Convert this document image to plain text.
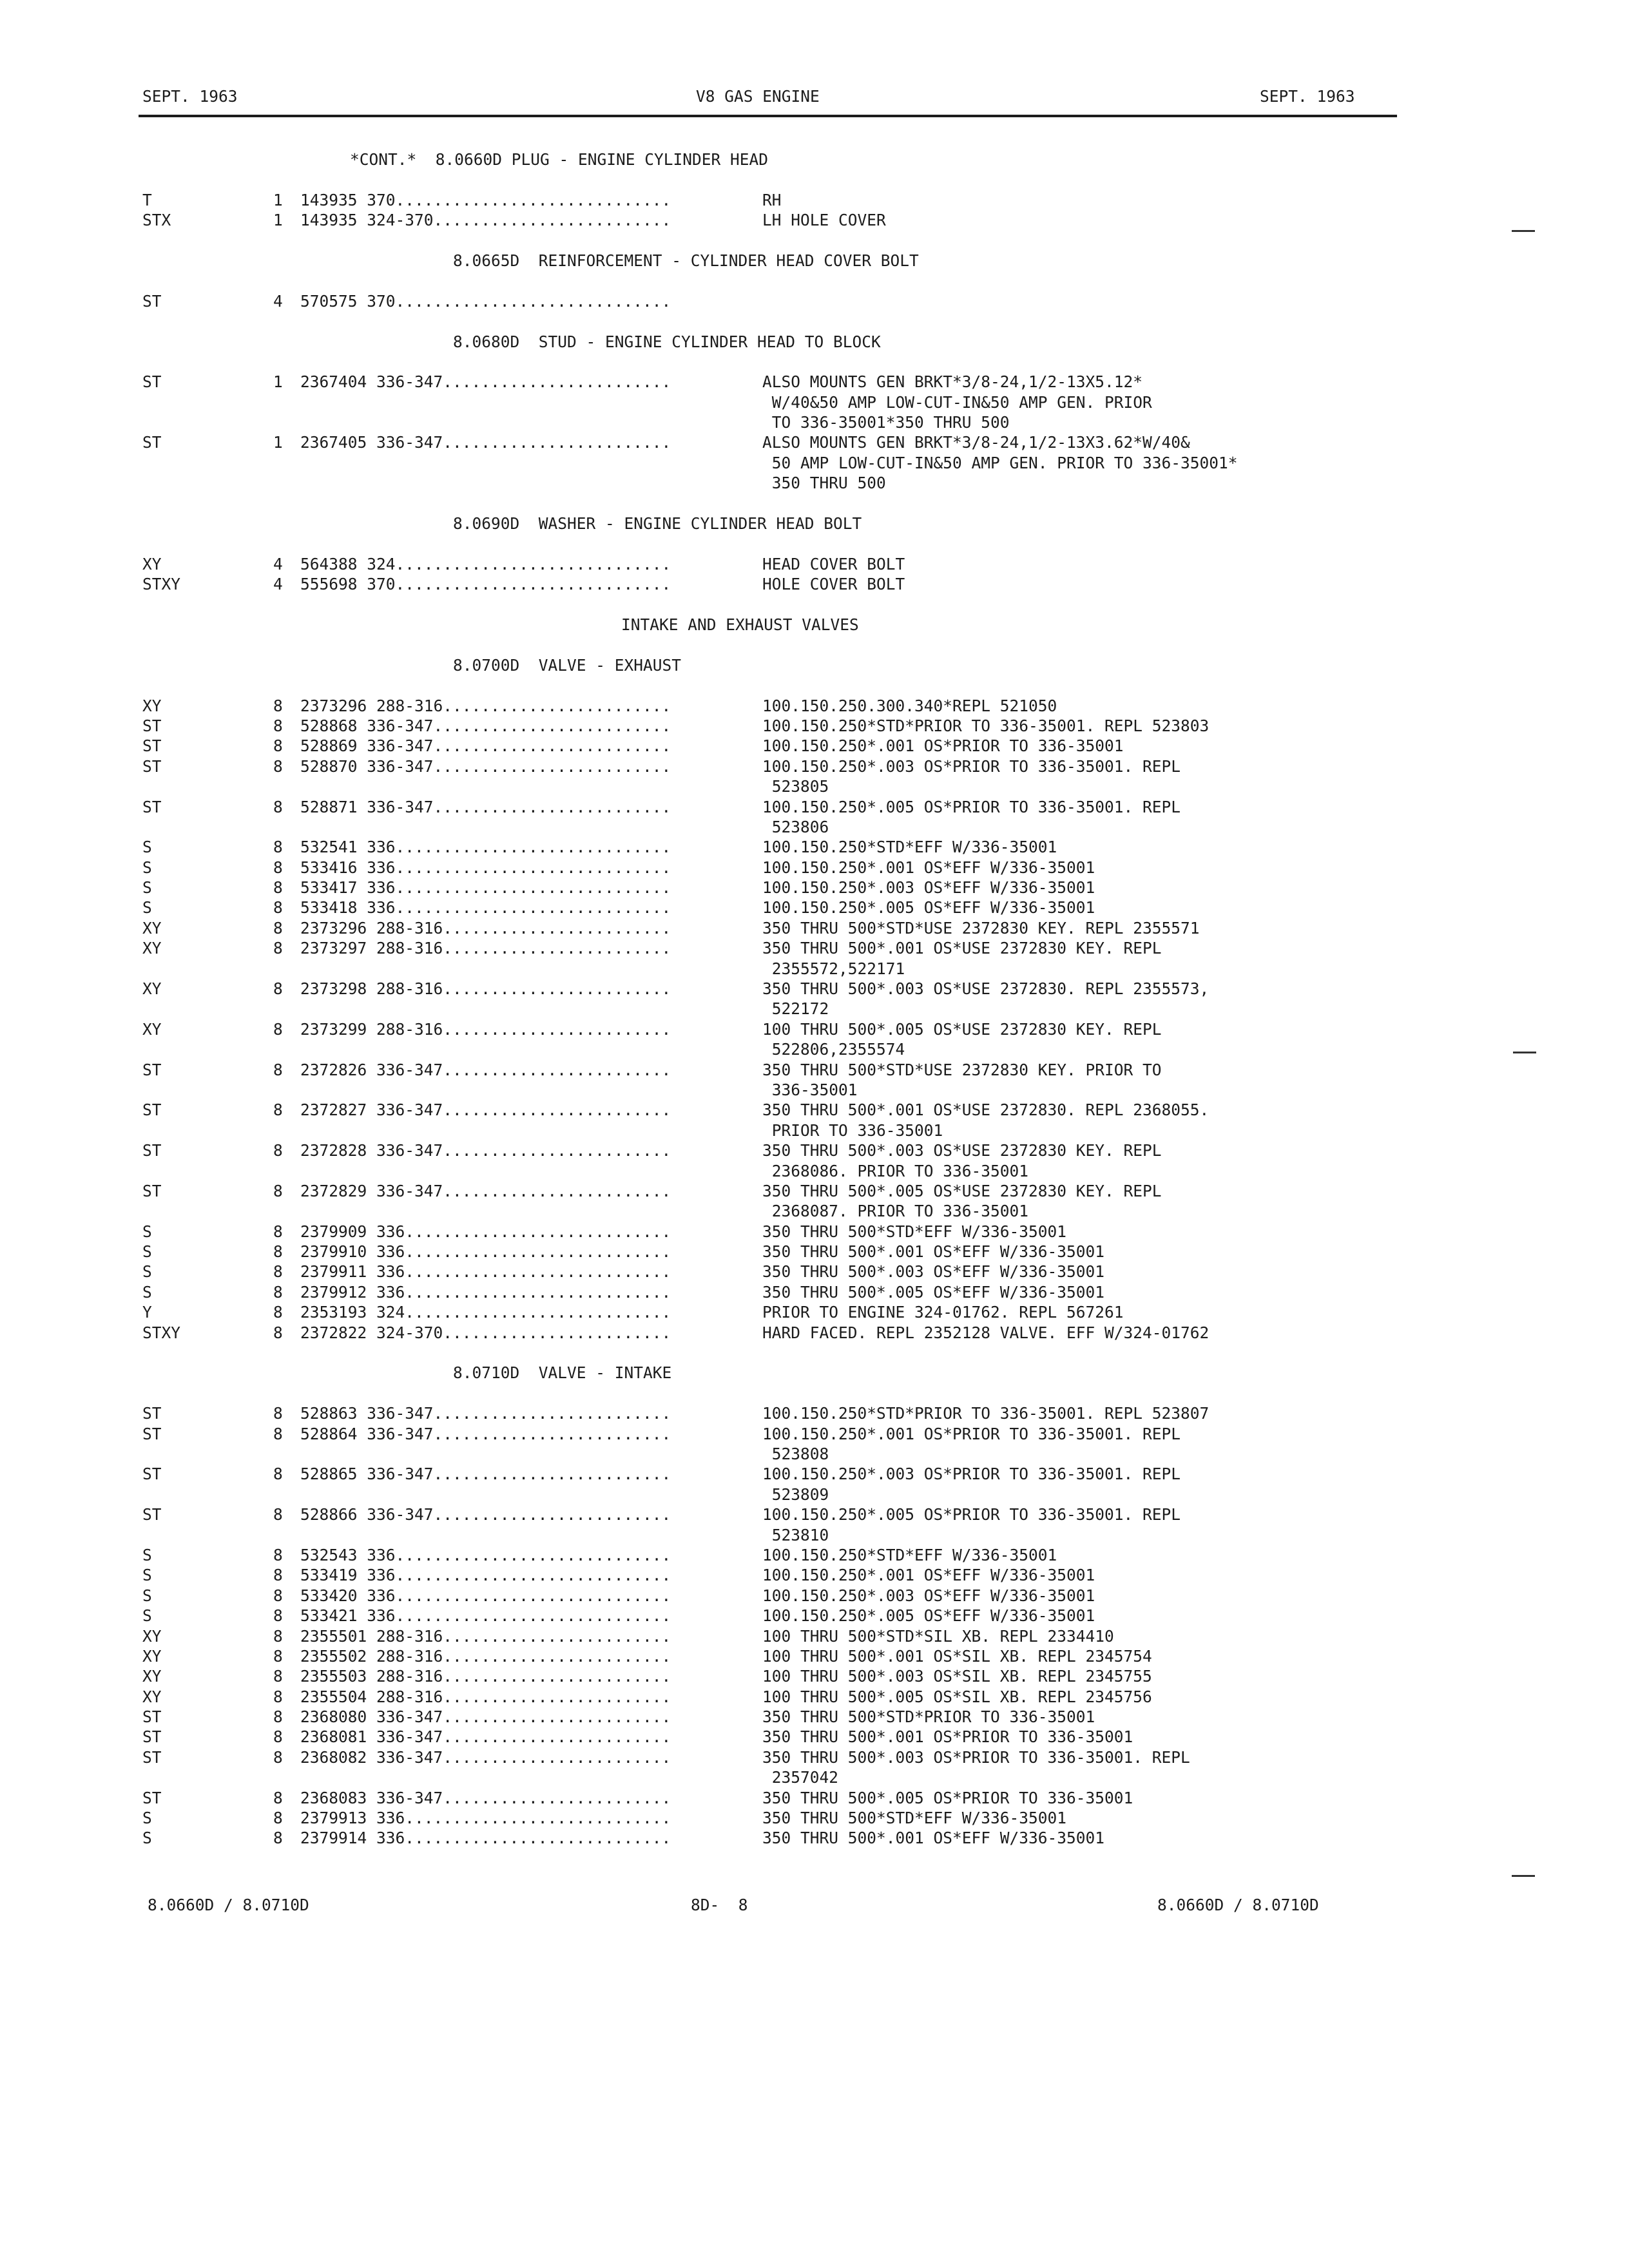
SEPT. 1963	V8 GAS ENGINE	SEPT. 1963
*CONT.*  8.0660D PLUG - ENGINE CYLINDER HEAD
T	1 143935 370.............................	RH
STX	1 143935 324-370.........................	LH HOLE COVER
8.0665D  REINFORCEMENT - CYLINDER HEAD COVER BOLT
ST	4 570575 370.............................
8.0680D  STUD - ENGINE CYLINDER HEAD TO BLOCK
ST	1 2367404 336-347........................	ALSO MOUNTS GEN BRKT*3/8-24,1/2-13X5.12*
W/40&50 AMP LOW-CUT-IN&50 AMP GEN. PRIOR
TO 336-35001*350 THRU 500
ST	1 2367405 336-347........................	ALSO MOUNTS GEN BRKT*3/8-24,1/2-13X3.62*W/40&
50 AMP LOW-CUT-IN&50 AMP GEN. PRIOR TO 336-35001*
350 THRU 500
8.0690D  WASHER - ENGINE CYLINDER HEAD BOLT
XY	4 564388 324.............................	HEAD COVER BOLT
STXY	4 555698 370.............................	HOLE COVER BOLT
INTAKE AND EXHAUST VALVES
8.0700D  VALVE - EXHAUST
XY	8 2373296 288-316........................	100.150.250.300.340*REPL 521050
ST	8 528868 336-347.........................	100.150.250*STD*PRIOR TO 336-35001. REPL 523803
ST	8 528869 336-347.........................	100.150.250*.001 OS*PRIOR TO 336-35001
ST	8 528870 336-347.........................	100.150.250*.003 OS*PRIOR TO 336-35001. REPL
523805
ST	8 528871 336-347.........................	100.150.250*.005 OS*PRIOR TO 336-35001. REPL
523806
S	8 532541 336.............................	100.150.250*STD*EFF W/336-35001
S	8 533416 336.............................	100.150.250*.001 OS*EFF W/336-35001
S	8 533417 336.............................	100.150.250*.003 OS*EFF W/336-35001
S	8 533418 336.............................	100.150.250*.005 OS*EFF W/336-35001
XY	8 2373296 288-316........................	350 THRU 500*STD*USE 2372830 KEY. REPL 2355571
XY	8 2373297 288-316........................	350 THRU 500*.001 OS*USE 2372830 KEY. REPL
2355572,522171
XY	8 2373298 288-316........................	350 THRU 500*.003 OS*USE 2372830. REPL 2355573,
522172
XY	8 2373299 288-316........................	100 THRU 500*.005 OS*USE 2372830 KEY. REPL
522806,2355574
ST	8 2372826 336-347........................	350 THRU 500*STD*USE 2372830 KEY. PRIOR TO
336-35001
ST	8 2372827 336-347........................	350 THRU 500*.001 OS*USE 2372830. REPL 2368055.
PRIOR TO 336-35001
ST	8 2372828 336-347........................	350 THRU 500*.003 OS*USE 2372830 KEY. REPL
2368086. PRIOR TO 336-35001
ST	8 2372829 336-347........................	350 THRU 500*.005 OS*USE 2372830 KEY. REPL
2368087. PRIOR TO 336-35001
S	8 2379909 336............................	350 THRU 500*STD*EFF W/336-35001
S	8 2379910 336............................	350 THRU 500*.001 OS*EFF W/336-35001
S	8 2379911 336............................	350 THRU 500*.003 OS*EFF W/336-35001
S	8 2379912 336............................	350 THRU 500*.005 OS*EFF W/336-35001
Y	8 2353193 324............................	PRIOR TO ENGINE 324-01762. REPL 567261
STXY	8 2372822 324-370........................	HARD FACED. REPL 2352128 VALVE. EFF W/324-01762
8.0710D  VALVE - INTAKE
ST	8 528863 336-347.........................	100.150.250*STD*PRIOR TO 336-35001. REPL 523807
ST	8 528864 336-347.........................	100.150.250*.001 OS*PRIOR TO 336-35001. REPL
523808
ST	8 528865 336-347.........................	100.150.250*.003 OS*PRIOR TO 336-35001. REPL
523809
ST	8 528866 336-347.........................	100.150.250*.005 OS*PRIOR TO 336-35001. REPL
523810
S	8 532543 336.............................	100.150.250*STD*EFF W/336-35001
S	8 533419 336.............................	100.150.250*.001 OS*EFF W/336-35001
S	8 533420 336.............................	100.150.250*.003 OS*EFF W/336-35001
S	8 533421 336.............................	100.150.250*.005 OS*EFF W/336-35001
XY	8 2355501 288-316........................	100 THRU 500*STD*SIL XB. REPL 2334410
XY	8 2355502 288-316........................	100 THRU 500*.001 OS*SIL XB. REPL 2345754
XY	8 2355503 288-316........................	100 THRU 500*.003 OS*SIL XB. REPL 2345755
XY	8 2355504 288-316........................	100 THRU 500*.005 OS*SIL XB. REPL 2345756
ST	8 2368080 336-347........................	350 THRU 500*STD*PRIOR TO 336-35001
ST	8 2368081 336-347........................	350 THRU 500*.001 OS*PRIOR TO 336-35001
ST	8 2368082 336-347........................	350 THRU 500*.003 OS*PRIOR TO 336-35001. REPL
2357042
ST	8 2368083 336-347........................	350 THRU 500*.005 OS*PRIOR TO 336-35001
S	8 2379913 336............................	350 THRU 500*STD*EFF W/336-35001
S	8 2379914 336............................	350 THRU 500*.001 OS*EFF W/336-35001
8.0660D / 8.0710D	8D-  8	8.0660D / 8.0710D
